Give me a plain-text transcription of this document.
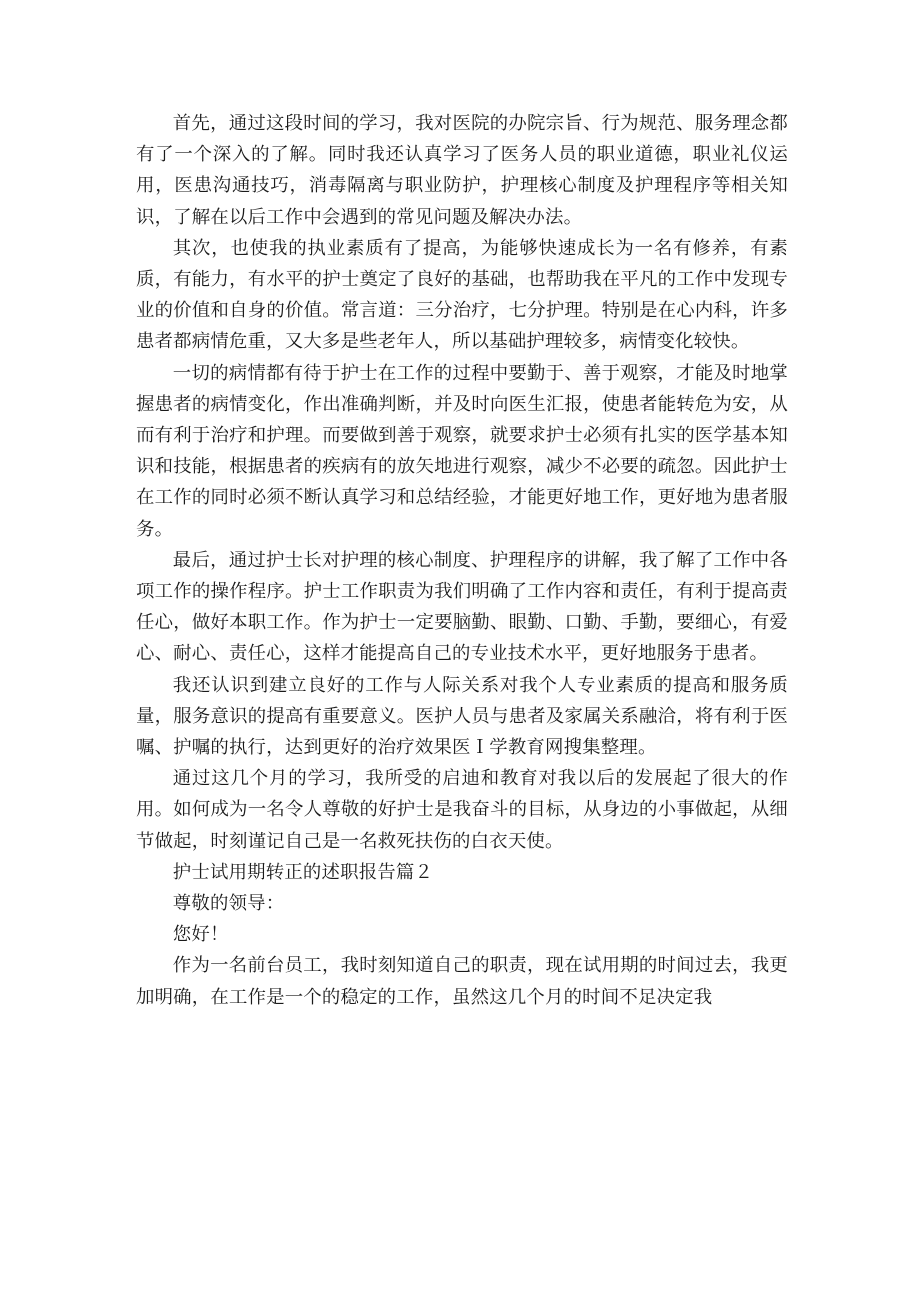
首先，通过这段时间的学习，我对医院的办院宗旨、行为规范、服务理念都有了一个深入的了解。同时我还认真学习了医务人员的职业道德，职业礼仪运用，医患沟通技巧，消毒隔离与职业防护，护理核心制度及护理程序等相关知识，了解在以后工作中会遇到的常见问题及解决办法。

其次，也使我的执业素质有了提高，为能够快速成长为一名有修养，有素质，有能力，有水平的护士奠定了良好的基础，也帮助我在平凡的工作中发现专业的价值和自身的价值。常言道：三分治疗，七分护理。特别是在心内科，许多患者都病情危重，又大多是些老年人，所以基础护理较多，病情变化较快。

一切的病情都有待于护士在工作的过程中要勤于、善于观察，才能及时地掌握患者的病情变化，作出准确判断，并及时向医生汇报，使患者能转危为安，从而有利于治疗和护理。而要做到善于观察，就要求护士必须有扎实的医学基本知识和技能，根据患者的疾病有的放矢地进行观察，减少不必要的疏忽。因此护士在工作的同时必须不断认真学习和总结经验，才能更好地工作，更好地为患者服务。

最后，通过护士长对护理的核心制度、护理程序的讲解，我了解了工作中各项工作的操作程序。护士工作职责为我们明确了工作内容和责任，有利于提高责任心，做好本职工作。作为护士一定要脑勤、眼勤、口勤、手勤，要细心，有爱心、耐心、责任心，这样才能提高自己的专业技术水平，更好地服务于患者。

我还认识到建立良好的工作与人际关系对我个人专业素质的提高和服务质量，服务意识的提高有重要意义。医护人员与患者及家属关系融洽，将有利于医嘱、护嘱的执行，达到更好的治疗效果医Ｉ学教育网搜集整理。

通过这几个月的学习，我所受的启迪和教育对我以后的发展起了很大的作用。如何成为一名令人尊敬的好护士是我奋斗的目标，从身边的小事做起，从细节做起，时刻谨记自己是一名救死扶伤的白衣天使。

护士试用期转正的述职报告篇２

尊敬的领导：

您好！

作为一名前台员工，我时刻知道自己的职责，现在试用期的时间过去，我更加明确，在工作是一个的稳定的工作，虽然这几个月的时间不足决定我
